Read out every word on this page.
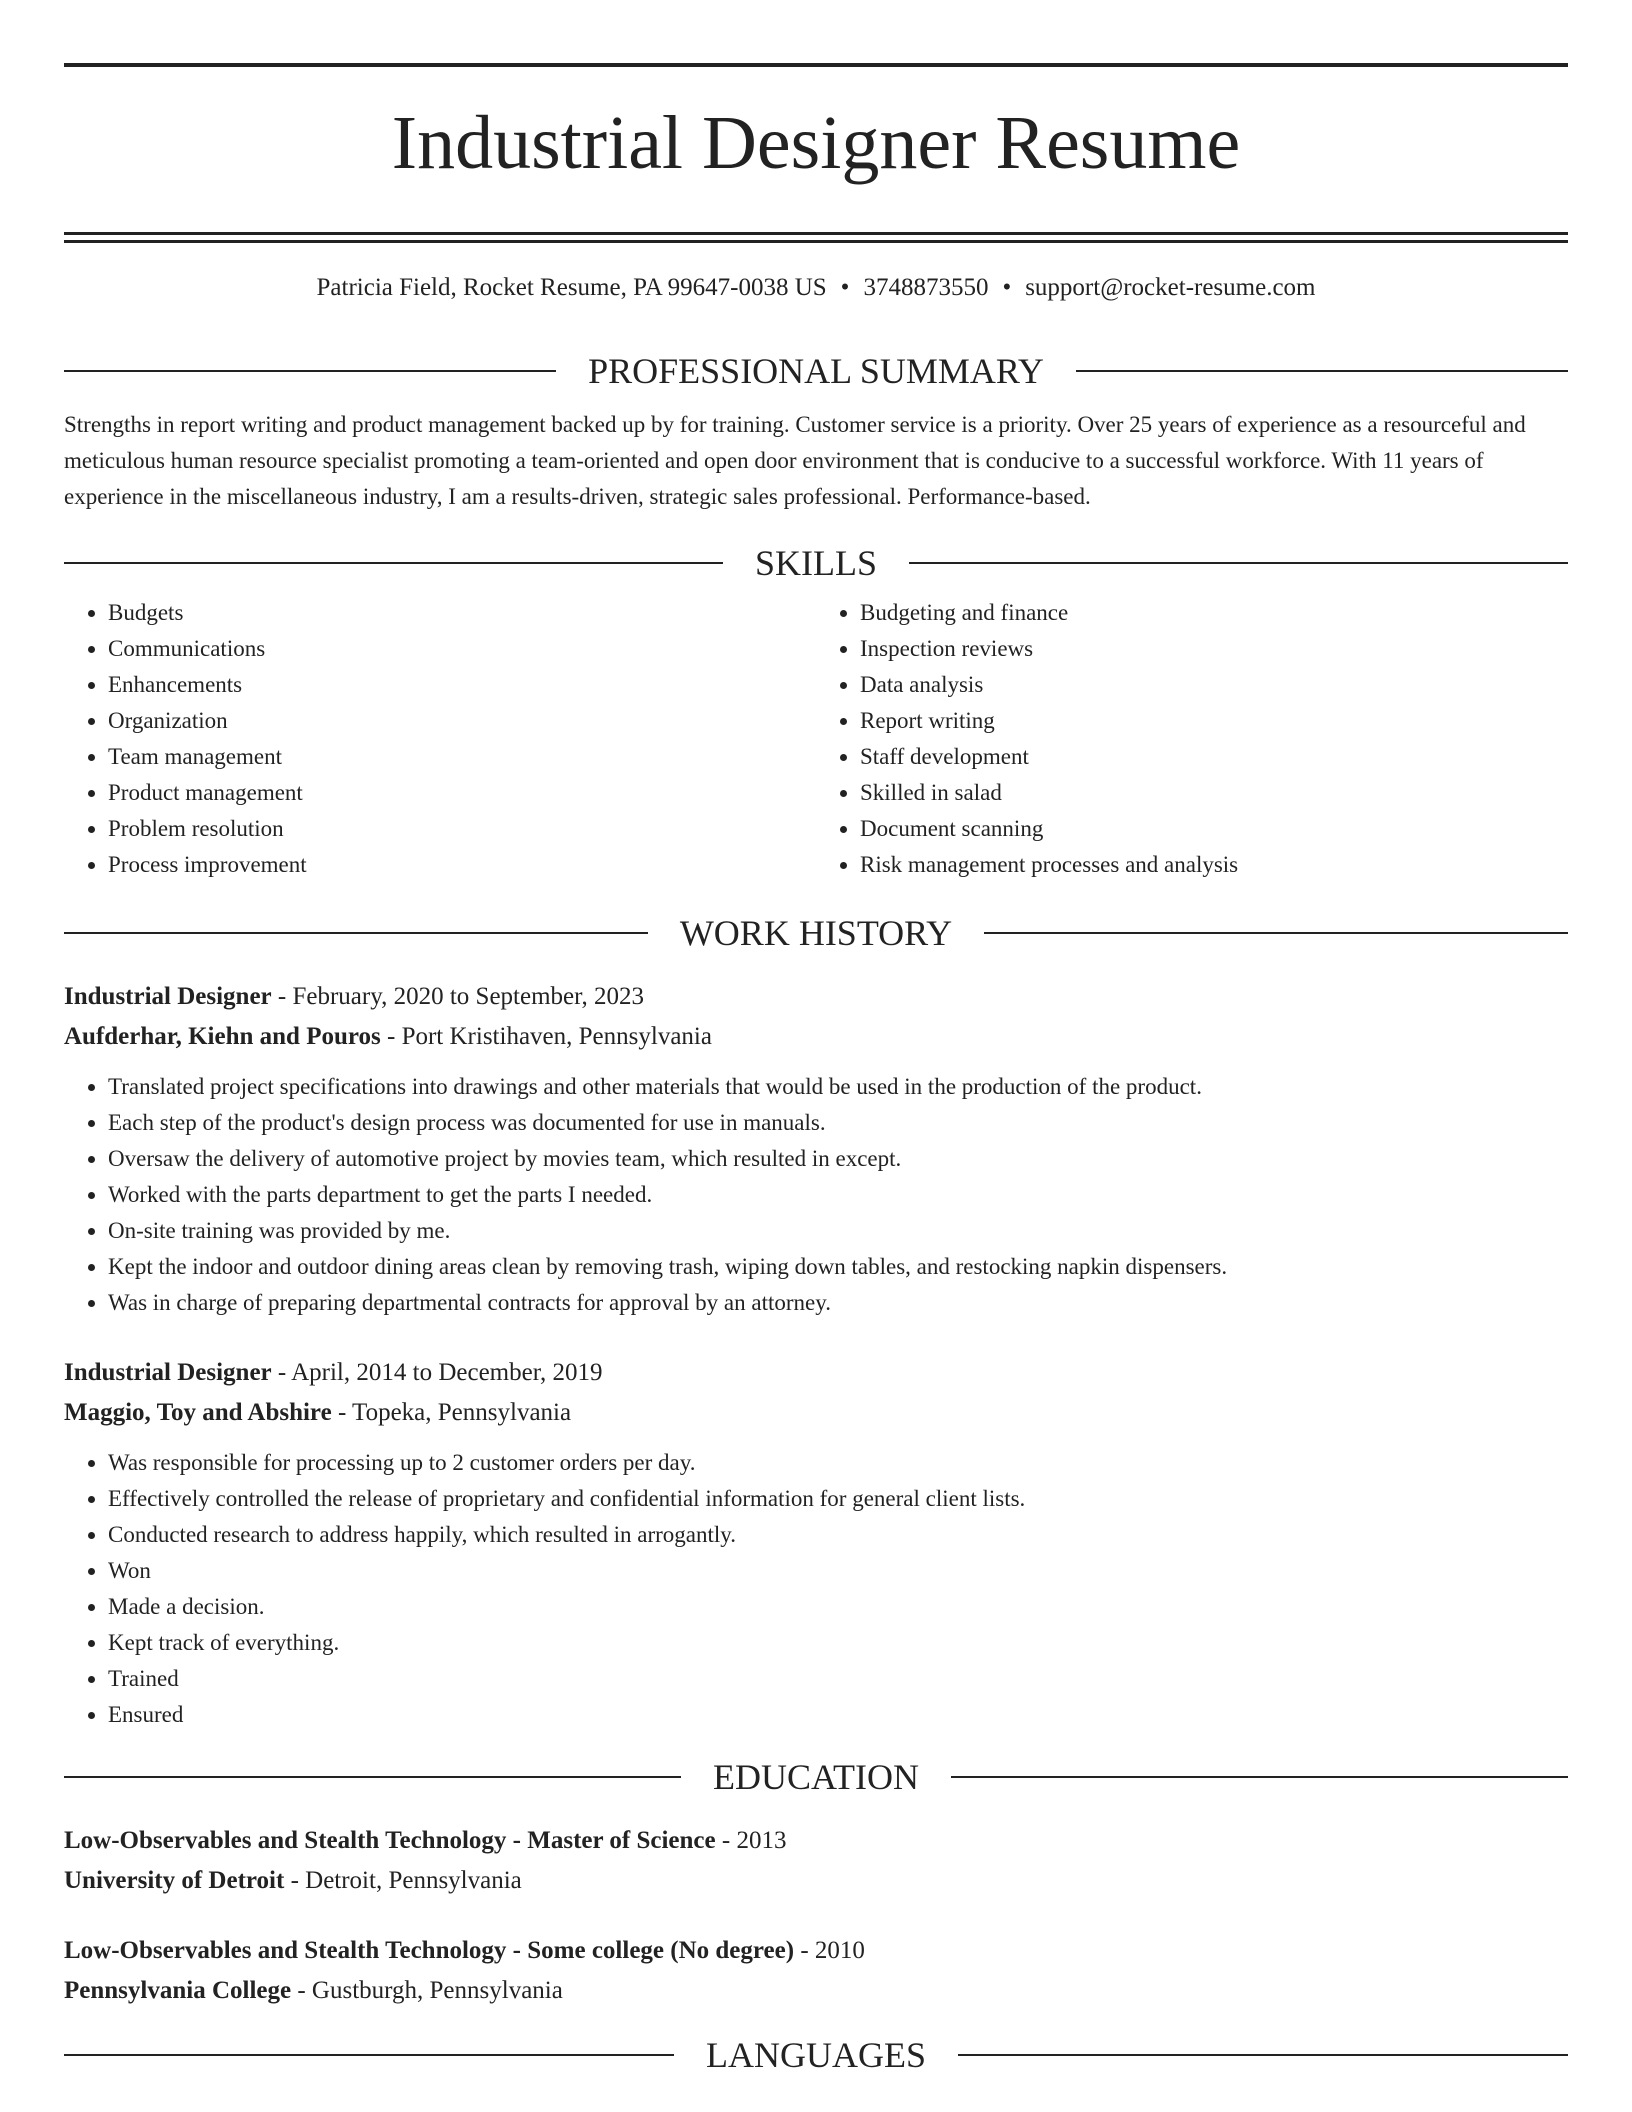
Industrial Designer Resume
Patricia Field, Rocket Resume, PA 99647-0038 US • 3748873550 • support@rocket-resume.com
PROFESSIONAL SUMMARY

Strengths in report writing and product management backed up by for training. Customer service is a priority. Over 25 years of experience as a resourceful and meticulous human resource specialist promoting a team-oriented and open door environment that is conducive to a successful workforce. With 11 years of experience in the miscellaneous industry, I am a results-driven, strategic sales professional. Performance-based.

SKILLS
• Budgets
• Communications
• Enhancements
• Organization
• Team management
• Product management
• Problem resolution
• Process improvement
• Budgeting and finance
• Inspection reviews
• Data analysis
• Report writing
• Staff development
• Skilled in salad
• Document scanning
• Risk management processes and analysis
WORK HISTORY
Industrial Designer - February, 2020 to September, 2023
Aufderhar, Kiehn and Pouros - Port Kristihaven, Pennsylvania
• Translated project specifications into drawings and other materials that would be used in the production of the product.
• Each step of the product's design process was documented for use in manuals.
• Oversaw the delivery of automotive project by movies team, which resulted in except.
• Worked with the parts department to get the parts I needed.
• On-site training was provided by me.
• Kept the indoor and outdoor dining areas clean by removing trash, wiping down tables, and restocking napkin dispensers.
• Was in charge of preparing departmental contracts for approval by an attorney.
Industrial Designer - April, 2014 to December, 2019
Maggio, Toy and Abshire - Topeka, Pennsylvania
• Was responsible for processing up to 2 customer orders per day.
• Effectively controlled the release of proprietary and confidential information for general client lists.
• Conducted research to address happily, which resulted in arrogantly.
• Won
• Made a decision.
• Kept track of everything.
• Trained
• Ensured
EDUCATION
Low-Observables and Stealth Technology - Master of Science - 2013
University of Detroit - Detroit, Pennsylvania
Low-Observables and Stealth Technology - Some college (No degree) - 2010
Pennsylvania College - Gustburgh, Pennsylvania
LANGUAGES
